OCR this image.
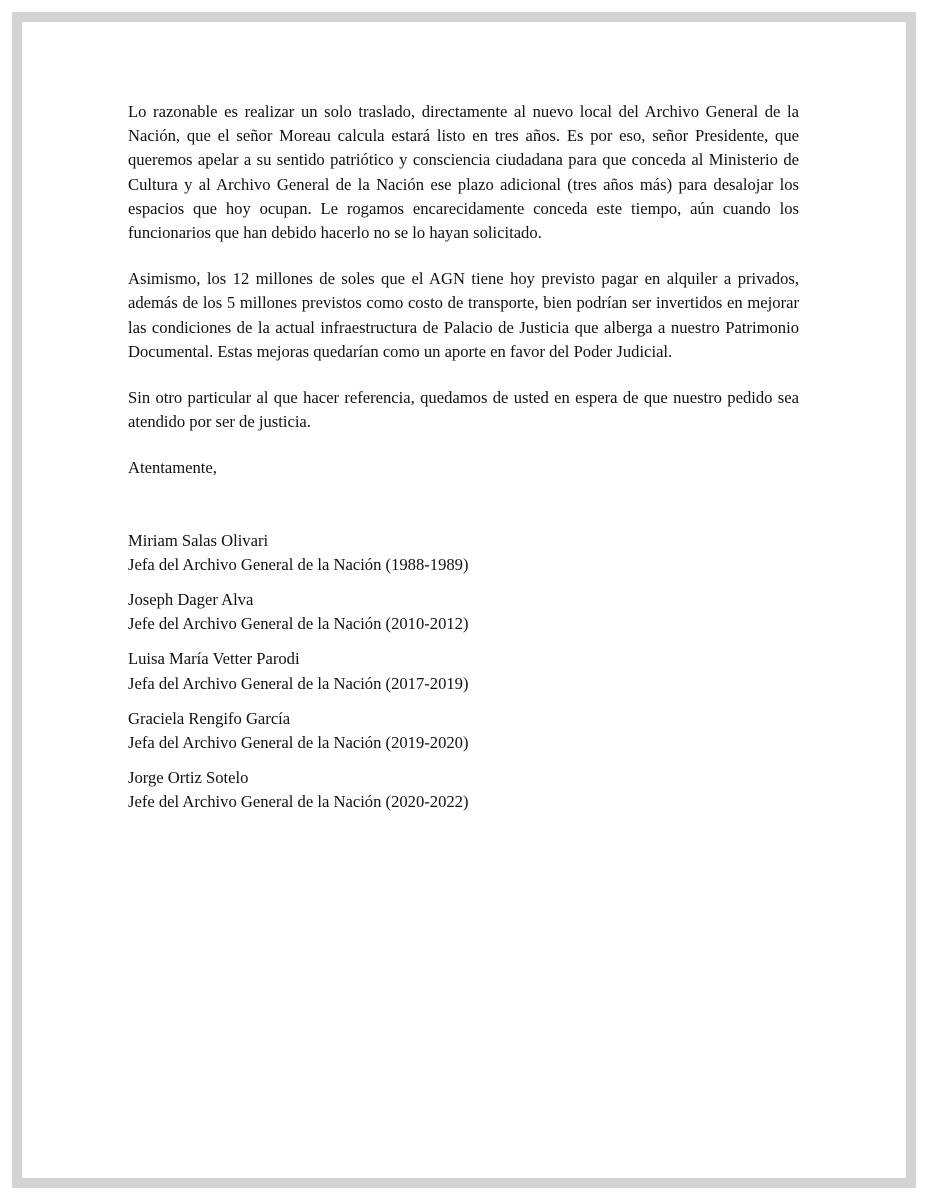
Lo razonable es realizar un solo traslado, directamente al nuevo local del Archivo General de la Nación, que el señor Moreau calcula estará listo en tres años. Es por eso, señor Presidente, que queremos apelar a su sentido patriótico y consciencia ciudadana para que conceda al Ministerio de Cultura y al Archivo General de la Nación ese plazo adicional (tres años más) para desalojar los espacios que hoy ocupan. Le rogamos encarecidamente conceda este tiempo, aún cuando los funcionarios que han debido hacerlo no se lo hayan solicitado.

Asimismo, los 12 millones de soles que el AGN tiene hoy previsto pagar en alquiler a privados, además de los 5 millones previstos como costo de transporte, bien podrían ser invertidos en mejorar las condiciones de la actual infraestructura de Palacio de Justicia que alberga a nuestro Patrimonio Documental. Estas mejoras quedarían como un aporte en favor del Poder Judicial.

Sin otro particular al que hacer referencia, quedamos de usted en espera de que nuestro pedido sea atendido por ser de justicia.

Atentamente,

Miriam Salas Olivari
Jefa del Archivo General de la Nación (1988-1989)
Joseph Dager Alva
Jefe del Archivo General de la Nación (2010-2012)
Luisa María Vetter Parodi
Jefa del Archivo General de la Nación (2017-2019)
Graciela Rengifo García
Jefa del Archivo General de la Nación (2019-2020)
Jorge Ortiz Sotelo
Jefe del Archivo General de la Nación (2020-2022)
